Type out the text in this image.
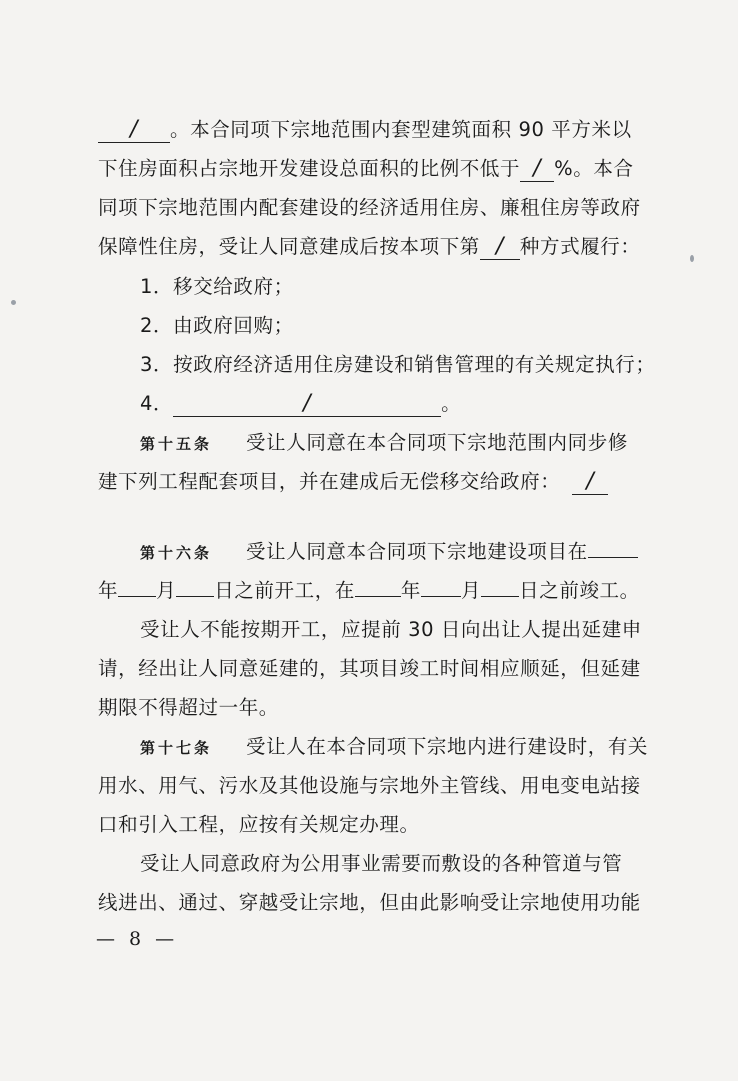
/ 。本合同项下宗地范围内套型建筑面积 90 平方米以
下住房面积占宗地开发建设总面积的比例不低于 / %。本合
同项下宗地范围内配套建设的经济适用住房、廉租住房等政府
保障性住房，受让人同意建成后按本项下第 / 种方式履行：
1．移交给政府；
2．由政府回购；
3．按政府经济适用住房建设和销售管理的有关规定执行；
4．	/	。
第十五条 受让人同意在本合同项下宗地范围内同步修
建下列工程配套项目，并在建成后无偿移交给政府： /
第十六条 受让人同意本合同项下宗地建设项目在
年 月 日之前开工，在 年 月 日之前竣工。
受让人不能按期开工，应提前 30 日向出让人提出延建申
请，经出让人同意延建的，其项目竣工时间相应顺延，但延建
期限不得超过一年。
第十七条 受让人在本合同项下宗地内进行建设时，有关
用水、用气、污水及其他设施与宗地外主管线、用电变电站接
口和引入工程，应按有关规定办理。
受让人同意政府为公用事业需要而敷设的各种管道与管
线进出、通过、穿越受让宗地，但由此影响受让宗地使用功能
— 8 —
